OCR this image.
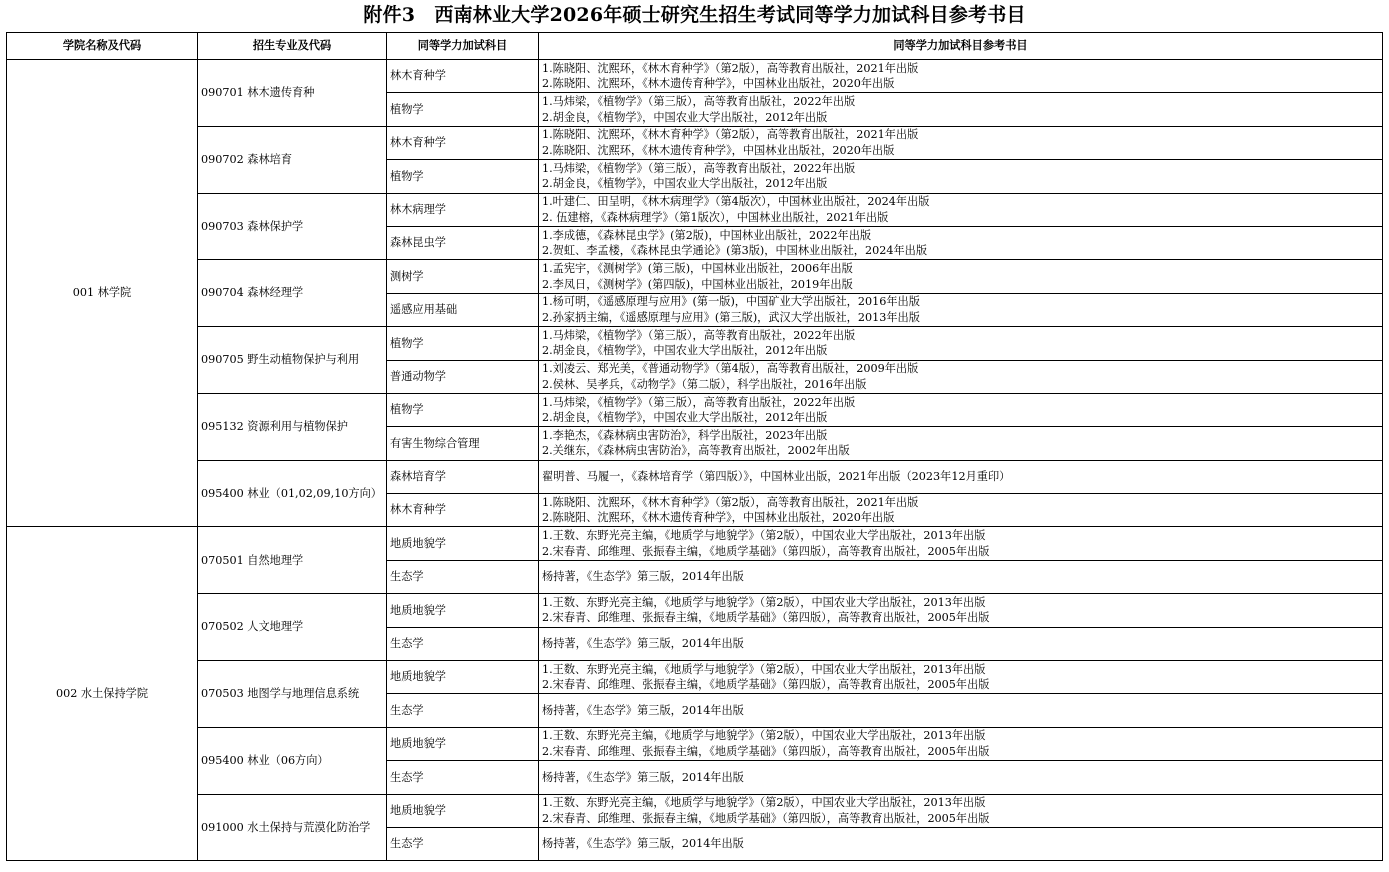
附件3　西南林业大学2026年硕士研究生招生考试同等学力加试科目参考书目
学院名称及代码	招生专业及代码	同等学力加试科目	同等学力加试科目参考书目
001 林学院	090701 林木遗传育种	林木育种学	1.陈晓阳、沈熙环，《林木育种学》（第2版），高等教育出版社，2021年出版
2.陈晓阳、沈熙环，《林木遗传育种学》，中国林业出版社，2020年出版

		植物学	1.马炜梁，《植物学》（第三版），高等教育出版社，2022年出版
2.胡金良，《植物学》，中国农业大学出版社，2012年出版

	090702 森林培育	林木育种学	1.陈晓阳、沈熙环，《林木育种学》（第2版），高等教育出版社，2021年出版
2.陈晓阳、沈熙环，《林木遗传育种学》，中国林业出版社，2020年出版

		植物学	1.马炜梁，《植物学》（第三版），高等教育出版社，2022年出版
2.胡金良，《植物学》，中国农业大学出版社，2012年出版

	090703 森林保护学	林木病理学	1.叶建仁、田呈明，《林木病理学》（第4版次），中国林业出版社，2024年出版
2. 伍建榕，《森林病理学》（第1版次），中国林业出版社，2021年出版

		森林昆虫学	1.李成德，《森林昆虫学》(第2版)，中国林业出版社，2022年出版
2.贺虹、李孟楼，《森林昆虫学通论》(第3版)，中国林业出版社，2024年出版

	090704 森林经理学	测树学	1.孟宪宇，《测树学》(第三版)，中国林业出版社，2006年出版
2.李凤日，《测树学》(第四版)，中国林业出版社，2019年出版

		遥感应用基础	1.杨可明，《遥感原理与应用》(第一版)，中国矿业大学出版社，2016年出版
2.孙家抦主编，《遥感原理与应用》(第三版)，武汉大学出版社，2013年出版

	090705 野生动植物保护与利用	植物学	1.马炜梁，《植物学》（第三版），高等教育出版社，2022年出版
2.胡金良，《植物学》，中国农业大学出版社，2012年出版

		普通动物学	1.刘凌云、郑光美，《普通动物学》（第4版），高等教育出版社，2009年出版
2.侯林、吴孝兵，《动物学》（第二版），科学出版社，2016年出版

	095132 资源利用与植物保护	植物学	1.马炜梁，《植物学》（第三版），高等教育出版社，2022年出版
2.胡金良，《植物学》，中国农业大学出版社，2012年出版

		有害生物综合管理	1.李艳杰，《森林病虫害防治》，科学出版社，2023年出版
2.关继东，《森林病虫害防治》，高等教育出版社，2002年出版

	095400 林业（01,02,09,10方向）	森林培育学	翟明普、马履一，《森林培育学（第四版）》，中国林业出版，2021年出版（2023年12月重印）

		林木育种学	1.陈晓阳、沈熙环，《林木育种学》（第2版），高等教育出版社，2021年出版
2.陈晓阳、沈熙环，《林木遗传育种学》，中国林业出版社，2020年出版

002 水土保持学院	070501 自然地理学	地质地貌学	1.王数、东野光亮主编，《地质学与地貌学》（第2版），中国农业大学出版社，2013年出版
2.宋春青、邱维理、张振春主编，《地质学基础》（第四版），高等教育出版社，2005年出版

		生态学	杨持著，《生态学》第三版，2014年出版

	070502 人文地理学	地质地貌学	1.王数、东野光亮主编，《地质学与地貌学》（第2版），中国农业大学出版社，2013年出版
2.宋春青、邱维理、张振春主编，《地质学基础》（第四版），高等教育出版社，2005年出版

		生态学	杨持著，《生态学》第三版，2014年出版

	070503 地图学与地理信息系统	地质地貌学	1.王数、东野光亮主编，《地质学与地貌学》（第2版），中国农业大学出版社，2013年出版
2.宋春青、邱维理、张振春主编，《地质学基础》（第四版），高等教育出版社，2005年出版

		生态学	杨持著，《生态学》第三版，2014年出版

	095400 林业（06方向）	地质地貌学	1.王数、东野光亮主编，《地质学与地貌学》（第2版），中国农业大学出版社，2013年出版
2.宋春青、邱维理、张振春主编，《地质学基础》（第四版），高等教育出版社，2005年出版

		生态学	杨持著，《生态学》第三版，2014年出版

	091000 水土保持与荒漠化防治学	地质地貌学	1.王数、东野光亮主编，《地质学与地貌学》（第2版），中国农业大学出版社，2013年出版
2.宋春青、邱维理、张振春主编，《地质学基础》（第四版），高等教育出版社，2005年出版

		生态学	杨持著，《生态学》第三版，2014年出版
